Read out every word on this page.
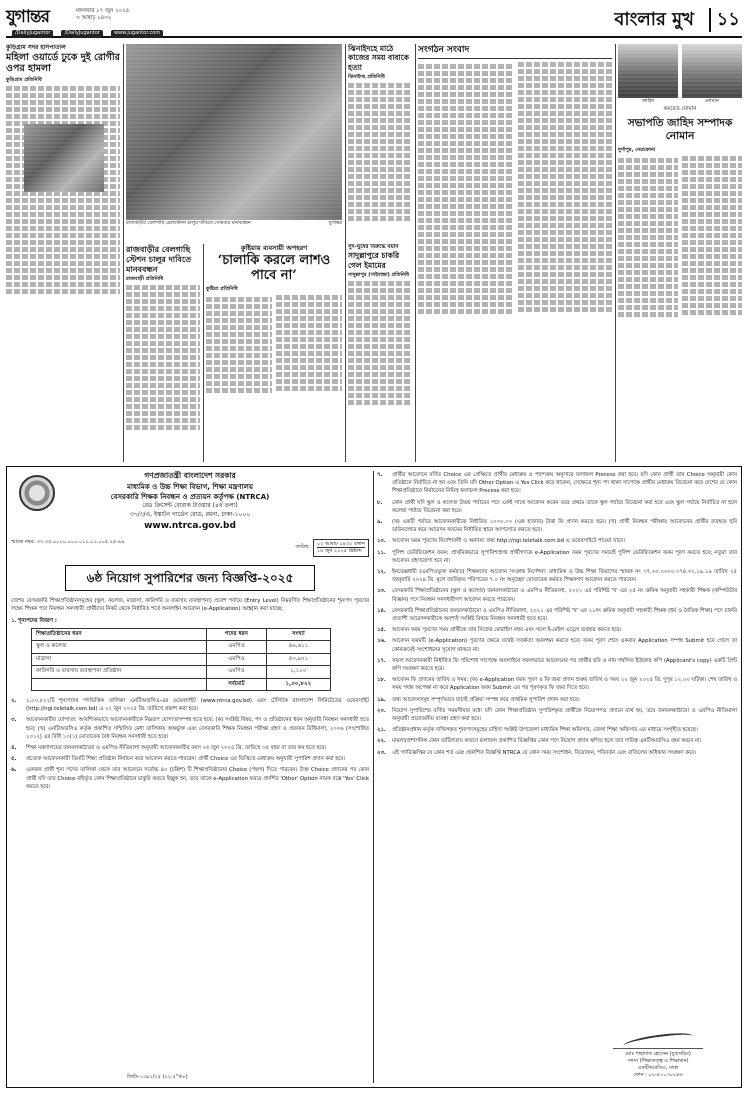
যুগান্তর	মঙ্গলবার ১৭ জুন ২০২৫
৩ আষাঢ় ১৪৩২
/DailyJugantor	/DailyJugantor	www.jugantor.com
বাংলার মুখ	১১
কুড়িগ্রাম সদর হাসপাতাল
মহিলা ওয়ার্ডে ঢুকে দুই রোগীর ওপর হামলা
কুড়িগ্রাম প্রতিনিধি
রাজবাড়ীর বেলগাছি রেলস্টেশন চালুর দাবিতে সোমবার মানববন্ধন	যুগান্তর
রাজবাড়ীর বেলগাছি স্টেশন চালুর দাবিতে মানববন্ধন
রাজবাড়ী প্রতিনিধি
কুষ্টিয়ায় ব্যবসায়ী অপহরণ
‘চালাকি করলে লাশও পাবে না’
কুষ্টিয়া প্রতিনিধি
ঝিনাইদহে মাঠে কাজের সময় বাবাকে হত্যা
ঝিনাইদহ প্রতিনিধি
সুদ-ঘুষের বিরুদ্ধে বয়ান
সাদুল্লাপুরে চাকরি গেল ইমামের
সাদুল্লাপুর (গাইবান্ধা) প্রতিনিধি
সংগঠন সংবাদ
জাহিদ	নোমান
কমরেড নোমান
সভাপতি জাহিদ সম্পাদক নোমান
দুর্গাপুর, নেত্রকোনা
গণপ্রজাতন্ত্রী বাংলাদেশ সরকার
মাধ্যমিক ও উচ্চ শিক্ষা বিভাগ, শিক্ষা মন্ত্রণালয়
বেসরকারি শিক্ষক নিবন্ধন ও প্রত্যয়ন কর্তৃপক্ষ (NTRCA)
রেড ক্রিসেন্ট বোরাক টাওয়ার (৪র্থ তলা)
৩৭/৩/এ, ইস্কাটন গার্ডেন রোড, রমনা, ঢাকা-১০০০
www.ntrca.gov.bd
স্মারক নম্বর: ৩৭.৩৫.০০০০.০০০.০১১.০১.০০৫.২৫-৯৯
তারিখ:
০২ আষাঢ় ১৪৩২ বঙ্গাব্দ
১৬ জুন ২০২৫ খ্রিষ্টাব্দ
৬ষ্ঠ নিয়োগ সুপারিশের জন্য বিজ্ঞপ্তি-২০২৫
দেশের বেসরকারি শিক্ষাপ্রতিষ্ঠানসমূহের (স্কুল, কলেজ, মাদ্রাসা, কারিগরি ও ব্যবসায় ব্যবস্থাপনা) প্রবেশ পর্যায়ে (Entry Level) নিম্নবর্ণিত শিক্ষাপ্রতিষ্ঠানের শূন্যপদ পূরণের লক্ষ্যে শিক্ষক পদে নিবন্ধন সনদধারী প্রার্থীদের নিকট থেকে নির্ধারিত শর্তে অনলাইন আবেদন (e-Application) আহ্বান করা যাচ্ছে:
১. শূন্যপদের বিবরণ :
শিক্ষাপ্রতিষ্ঠানের ধরন	পদের ধরন	সংখ্যা
স্কুল ও কলেজ	এমপিও	৪৬,৬১১
মাদ্রাসা	এমপিও	৫৩,৯০১
কারিগরি ও ব্যবসায় ব্যবস্থাপনা প্রতিষ্ঠান	এমপিও	১,১১০
	সর্বমোট	১,০০,৮২২
২.	১,০০,৮২২টি শূন্যপদের পদভিত্তিক তালিকা এনটিআরসিএ-এর ওয়েবসাইট (www.ntrca.gov.bd) এবং টেলিটক বাংলাদেশ লিমিটেডের ওয়েবসাইট (http://ngi.teletalk.com.bd) এ ২২ জুন ২০২৫ খ্রি. তারিখে প্রকাশ করা হবে।
৩.	আবেদনকারীর যোগ্যতা: আবশ্যিকভাবে আবেদনকারীকে নিম্নরূপ যোগ্যতাসম্পন্ন হতে হবে: (ক) সংশ্লিষ্ট বিষয়, পদ ও প্রতিষ্ঠানের ধরন অনুযায়ী নিবন্ধন সনদধারী হতে হবে; (খ) এনটিআরসিএ কর্তৃক প্রকাশিত সম্মিলিত মেধা তালিকায় অন্তর্ভুক্ত এবং বেসরকারি শিক্ষক নিবন্ধন পরীক্ষা গ্রহণ ও প্রত্যয়ন বিধিমালা, ২০০৬ (সংশোধিত ২০১২) এর বিধি ১০(১) মোতাবেক বৈধ নিবন্ধন সনদধারী হতে হবে।
৪.	শিক্ষা মন্ত্রণালয়ের জনবলকাঠামো ও এমপিও নীতিমালা অনুযায়ী আবেদনকারীর বয়স ০৫ জুন ২০২৫ খ্রি. তারিখে ৩৫ বছর বা তার কম হতে হবে।
৫.	প্রত্যেক আবেদনকারী তিনটি শিক্ষা প্রতিষ্ঠান নির্বাচন করে আবেদন করতে পারবেন। প্রার্থী Choice এর ভিত্তিতে মেধাক্রম অনুযায়ী সুপারিশ প্রদান করা হবে।
৬.	একজন প্রার্থী শূন্য পদের তালিকা থেকে তার আবেদনে সর্বোচ্চ ৪০ (চল্লিশ) টি শিক্ষাপ্রতিষ্ঠানের Choice (পছন্দ) দিতে পারবেন। উক্ত Choice প্রদানের পর কোন প্রার্থী যদি তার Choice বহির্ভূত কোন শিক্ষাপ্রতিষ্ঠানে চাকুরি করতে ইচ্ছুক হন, তবে তাকে e-Application ফরমে প্রদর্শিত 'Other' Option নামক বক্সে 'Yes' Click করতে হবে।
৭.	প্রার্থীর আবেদনে বর্ণিত Choice এর প্রেক্ষিতে প্রার্থীর মেধাক্রম ও পছন্দক্রম অনুসারে ফলাফল Process করা হবে। যদি কোন প্রার্থী তার Choice অনুযায়ী কোন প্রতিষ্ঠানে নির্বাচিত না হন এবং তিনি যদি Other Option এ Yes Click করে থাকেন, সেক্ষেত্রে শূন্য পদ থাকা সাপেক্ষে প্রার্থীর মেধাক্রম বিবেচনা করে দেশের যে কোন শিক্ষাপ্রতিষ্ঠানে নির্বাচনের নিমিত্ত ফলাফল Process করা হবে।
৮.	কোন প্রার্থী যদি স্কুল ও কলেজ উভয় পর্যায়ের পদে একই সাথে আবেদন করেন তবে প্রথমে তাকে স্কুল পর্যায়ে বিবেচনা করা হবে এবং স্কুল পর্যায়ে নির্বাচিত না হলে কলেজ পর্যায়ে বিবেচনা করা হবে।
৯.	(ক) একটি পর্যায়ে আবেদনকারীকে নির্ধারিত ১০০০.০০ (এক হাজার) টাকা ফি প্রদান করতে হবে। (খ) প্রার্থী নিবন্ধন পরীক্ষায় আবেদনের প্রার্থীর ব্যবহৃত ছবি ডাউনলোড করে আবেদন ফরমের নির্ধারিত স্থানে আপলোড করতে হবে।
১০.	আবেদন ফরম পূরণের নির্দেশাবলী ও অন্যান্য তথ্য http://ngi.teletalk.com.bd এ ওয়েবসাইটে পাওয়া যাবে।
১১.	পুলিশ ভেরিফিকেশন ফরম: প্রাথমিকভাবে সুপারিশপ্রাপ্ত প্রার্থীগণকে e-Application ফরম পূরণের সময়েই পুলিশ ভেরিফিকেশন ফরম পূরণ করতে হবে; নতুবা তার আবেদন গ্রহণযোগ্য হবে না।
১২.	ইনডেক্সধারী (এমপিওভুক্ত কর্মরত) শিক্ষকদের আবেদন সংক্রান্ত নির্দেশনা: মাধ্যমিক ও উচ্চ শিক্ষা বিভাগের স্মারক নং ৩৭.০০.০০০০.০৭৪.৩২.১৯.১৯ তারিখ ২৫ জানুয়ারি ২০২৪ খ্রি. মূলে জারিকৃত পরিপত্রের ৭.০ নং অনুচ্ছেদ মোতাবেক কর্মরত শিক্ষকগণ আবেদন করতে পারবেন।
১৩.	বেসরকারি শিক্ষাপ্রতিষ্ঠানের (স্কুল ও কলেজ) জনবলকাঠামো ও এমপিও নীতিমালা, ২০২১ এর পরিশিষ্ট 'খ' এর ২৫ নং ক্রমিক অনুযায়ী সহকারী শিক্ষক (কম্পিউটার বিজ্ঞান) পদে নিবন্ধন সনদধারীগণ আবেদন করতে পারবেন।
১৪.	বেসরকারি শিক্ষাপ্রতিষ্ঠানের জনবলকাঠামো ও এমপিও নীতিমালা, ২০২১ এর পরিশিষ্ট 'খ' এর ২১নং ক্রমিক অনুযায়ী সহকারী শিক্ষক (ধর্ম ও নৈতিক শিক্ষা) পদে চাকরি প্রত্যাশী আবেদনকারীকে অবশ্যই সংশ্লিষ্ট বিষয়ে নিবন্ধন সনদধারী হতে হবে।
১৫.	আবেদন ফরম পূরণের সময় প্রার্থীকে তার নিজের মোবাইল নম্বর এবং সচল ই-মেইল এড্রেস ব্যবহার করতে হবে।
১৬.	আবেদন ফরমটি (e-Application) পূরণের ক্ষেত্রে যথেষ্ট সতর্কতা অবলম্বন করতে হবে। ফরম পূরণ শেষে একবার Application সম্পন্ন Submit হয়ে গেলে তা কোনক্রমেই সংশোধনের সুযোগ থাকবে না।
১৭.	সফল আবেদনকারী নির্ধারিত ফি পরিশোধ সাপেক্ষে অনলাইনে সফলভাবে আবেদনের পর প্রার্থীর ছবি ও নাম সম্বলিত ইউজার কপি (Applicant's copy) একটি প্রিন্ট কপি সংরক্ষণ করতে হবে।
১৮.	আবেদন ফি প্রদানের তারিখ ও সময়: (ক) e-Application ফরম পূরণ ও ফি জমা প্রদান শুরুর তারিখ ও সময় ২২ জুন ২০২৫ খ্রি. দুপুর ১২.০০ ঘটিকা। শেষ তারিখ ও সময় পর্যন্ত অপেক্ষা না করে Application ফরম Submit এর পর পূরণকৃত ফি জমা দিতে হবে।
১৯.	তথ্য আবেদনসমূহ সম্পূর্ণভাবে যাচাই প্রক্রিয়া সম্পন্ন করে প্রাথমিক সুপারিশ প্রদান করা হবে।
২০.	নিয়োগ সুপারিশের বর্ণিত সময়সীমার মধ্যে যদি কোন শিক্ষাপ্রতিষ্ঠান সুপারিশকৃত প্রার্থীকে নিয়োগপত্র প্রদানে ব্যর্থ হয়, তবে জনবলকাঠামো ও এমপিও নীতিমালা অনুযায়ী প্রয়োজনীয় ব্যবস্থা গ্রহণ করা হবে।
২১.	প্রতিষ্ঠানপ্রধান কর্তৃক দাখিলকৃত শূন্যপদসমূহের চাহিদা সংশ্লিষ্ট উপজেলা মাধ্যমিক শিক্ষা অফিসার, জেলা শিক্ষা অফিসার এর মাধ্যমে সংগৃহীত হয়েছে।
২২.	মামলা/প্রশাসনিক কোন জটিলতায় কারণে ফলাফল প্রকাশিত বিজ্ঞপ্তির কোন পদে নিয়োগ প্রদান স্থগিত হলে তার দায়িত্ব এনটিআরসিএ বহন করবে না।
২৩.	এই গণবিজ্ঞপ্তির যে কোন শর্ত এবং প্রকাশিত বিজ্ঞপ্তি NTRCA যে কোন সময় সংশোধন, বিয়োজন, পরিবর্তন এবং বাতিলের অধিকার সংরক্ষণ করে।
জিডি-১৩৮১/২৫ (১২.৫"×৮)
মোঃ শাহাদাত হোসেন (যুগ্মসচিব)
সদস্য (শিক্ষাতত্ত্ব ও শিক্ষামান)
এনটিআরসিএ, ঢাকা
ফোন : ০২-৪১০৩০০৪৬
